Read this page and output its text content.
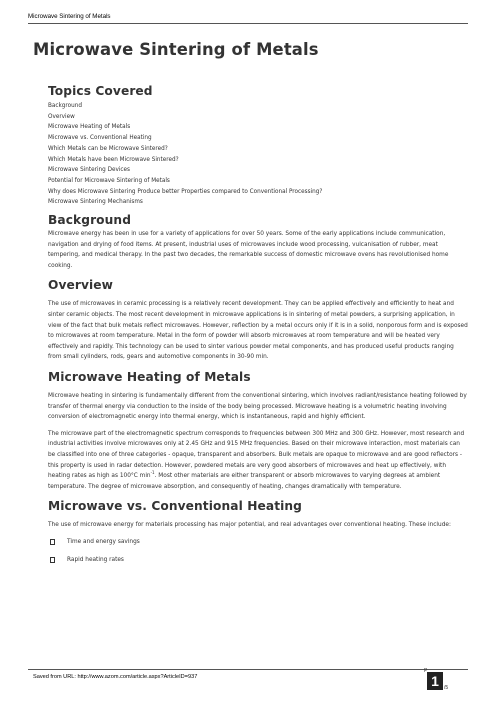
Microwave Sintering of Metals
Microwave Sintering of Metals
Topics Covered
Background
Overview
Microwave Heating of Metals
Microwave vs. Conventional Heating
Which Metals can be Microwave Sintered?
Which Metals have been Microwave Sintered?
Microwave Sintering Devices
Potential for Microwave Sintering of Metals
Why does Microwave Sintering Produce better Properties compared to Conventional Processing?
Microwave Sintering Mechanisms
Background

Microwave energy has been in use for a variety of applications for over 50 years. Some of the early applications include communication, navigation and drying of food items. At present, industrial uses of microwaves include wood processing, vulcanisation of rubber, meat tempering, and medical therapy. In the past two decades, the remarkable success of domestic microwave ovens has revolutionised home cooking.

Overview

The use of microwaves in ceramic processing is a relatively recent development. They can be applied effectively and efficiently to heat and sinter ceramic objects. The most recent development in microwave applications is in sintering of metal powders, a surprising application, in view of the fact that bulk metals reflect microwaves. However, reflection by a metal occurs only if it is in a solid, nonporous form and is exposed to microwaves at room temperature. Metal in the form of powder will absorb microwaves at room temperature and will be heated very effectively and rapidly. This technology can be used to sinter various powder metal components, and has produced useful products ranging from small cylinders, rods, gears and automotive components in 30-90 min.

Microwave Heating of Metals

Microwave heating in sintering is fundamentally different from the conventional sintering, which involves radiant/resistance heating followed by transfer of thermal energy via conduction to the inside of the body being processed. Microwave heating is a volumetric heating involving conversion of electromagnetic energy into thermal energy, which is instantaneous, rapid and highly efficient.

The microwave part of the electromagnetic spectrum corresponds to frequencies between 300 MHz and 300 GHz. However, most research and industrial activities involve microwaves only at 2.45 GHz and 915 MHz frequencies. Based on their microwave interaction, most materials can be classified into one of three categories - opaque, transparent and absorbers. Bulk metals are opaque to microwave and are good reflectors - this property is used in radar detection. However, powdered metals are very good absorbers of microwaves and heat up effectively, with heating rates as high as 100°C $\min^{-1}$. Most other materials are either transparent or absorb microwaves to varying degrees at ambient temperature. The degree of microwave absorption, and consequently of heating, changes dramatically with temperature.

Microwave vs. Conventional Heating

The use of microwave energy for materials processing has major potential, and real advantages over conventional heating. These include:

Time and energy savings
Rapid heating rates
Saved from URL: http://www.azom.com/article.aspx?ArticleID=937
P
1	/5
